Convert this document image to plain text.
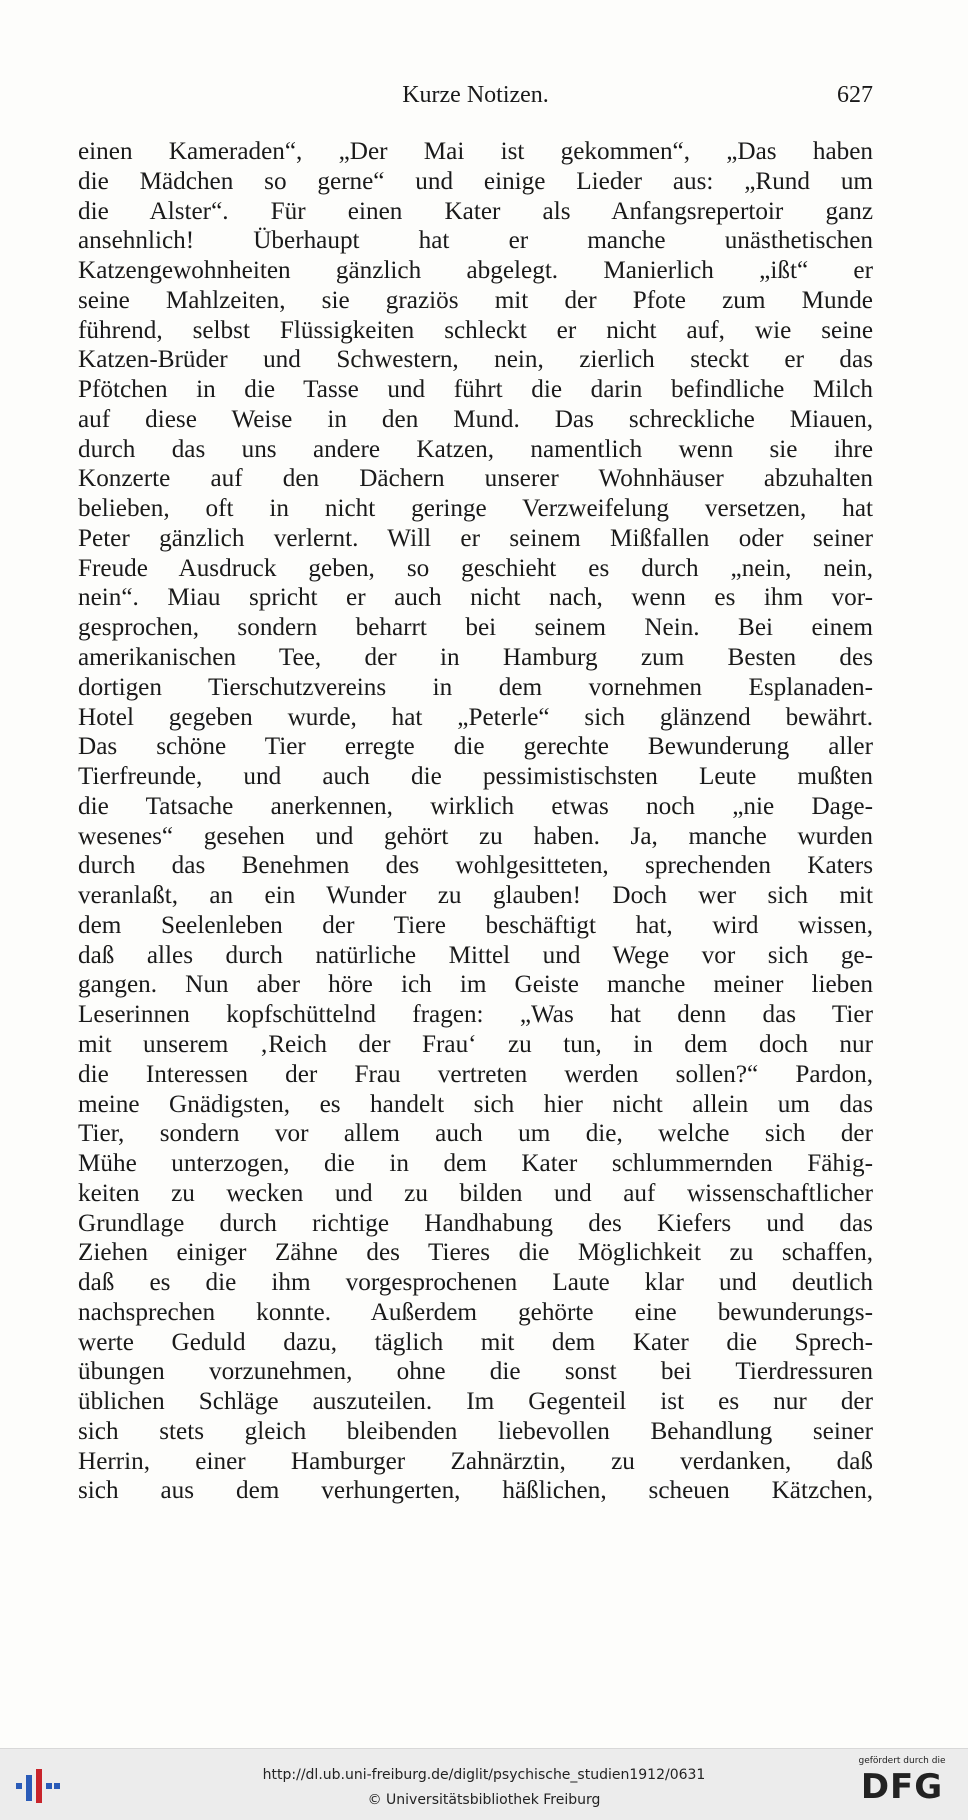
Kurze Notizen.	627
einen Kameraden“, „Der Mai ist gekommen“, „Das haben
die Mädchen so gerne“ und einige Lieder aus: „Rund um
die Alster“. Für einen Kater als Anfangsrepertoir ganz
ansehnlich! Überhaupt hat er manche unästhetischen
Katzengewohnheiten gänzlich abgelegt. Manierlich „ißt“ er
seine Mahlzeiten, sie graziös mit der Pfote zum Munde
führend, selbst Flüssigkeiten schleckt er nicht auf, wie seine
Katzen-Brüder und Schwestern, nein, zierlich steckt er das
Pfötchen in die Tasse und führt die darin befindliche Milch
auf diese Weise in den Mund. Das schreckliche Miauen,
durch das uns andere Katzen, namentlich wenn sie ihre
Konzerte auf den Dächern unserer Wohnhäuser abzuhalten
belieben, oft in nicht geringe Verzweifelung versetzen, hat
Peter gänzlich verlernt. Will er seinem Mißfallen oder seiner
Freude Ausdruck geben, so geschieht es durch „nein, nein,
nein“. Miau spricht er auch nicht nach, wenn es ihm vor-
gesprochen, sondern beharrt bei seinem Nein. Bei einem
amerikanischen Tee, der in Hamburg zum Besten des
dortigen Tierschutzvereins in dem vornehmen Esplanaden-
Hotel gegeben wurde, hat „Peterle“ sich glänzend bewährt.
Das schöne Tier erregte die gerechte Bewunderung aller
Tierfreunde, und auch die pessimistischsten Leute mußten
die Tatsache anerkennen, wirklich etwas noch „nie Dage-
wesenes“ gesehen und gehört zu haben. Ja, manche wurden
durch das Benehmen des wohlgesitteten, sprechenden Katers
veranlaßt, an ein Wunder zu glauben! Doch wer sich mit
dem Seelenleben der Tiere beschäftigt hat, wird wissen,
daß alles durch natürliche Mittel und Wege vor sich ge-
gangen. Nun aber höre ich im Geiste manche meiner lieben
Leserinnen kopfschüttelnd fragen: „Was hat denn das Tier
mit unserem ‚Reich der Frau‘ zu tun, in dem doch nur
die Interessen der Frau vertreten werden sollen?“ Pardon,
meine Gnädigsten, es handelt sich hier nicht allein um das
Tier, sondern vor allem auch um die, welche sich der
Mühe unterzogen, die in dem Kater schlummernden Fähig-
keiten zu wecken und zu bilden und auf wissenschaftlicher
Grundlage durch richtige Handhabung des Kiefers und das
Ziehen einiger Zähne des Tieres die Möglichkeit zu schaffen,
daß es die ihm vorgesprochenen Laute klar und deutlich
nachsprechen konnte. Außerdem gehörte eine bewunderungs-
werte Geduld dazu, täglich mit dem Kater die Sprech-
übungen vorzunehmen, ohne die sonst bei Tierdressuren
üblichen Schläge auszuteilen. Im Gegenteil ist es nur der
sich stets gleich bleibenden liebevollen Behandlung seiner
Herrin, einer Hamburger Zahnärztin, zu verdanken, daß
sich aus dem verhungerten, häßlichen, scheuen Kätzchen,
http://dl.ub.uni-freiburg.de/diglit/psychische_studien1912/0631
© Universitätsbibliothek Freiburg
gefördert durch die
DFG
